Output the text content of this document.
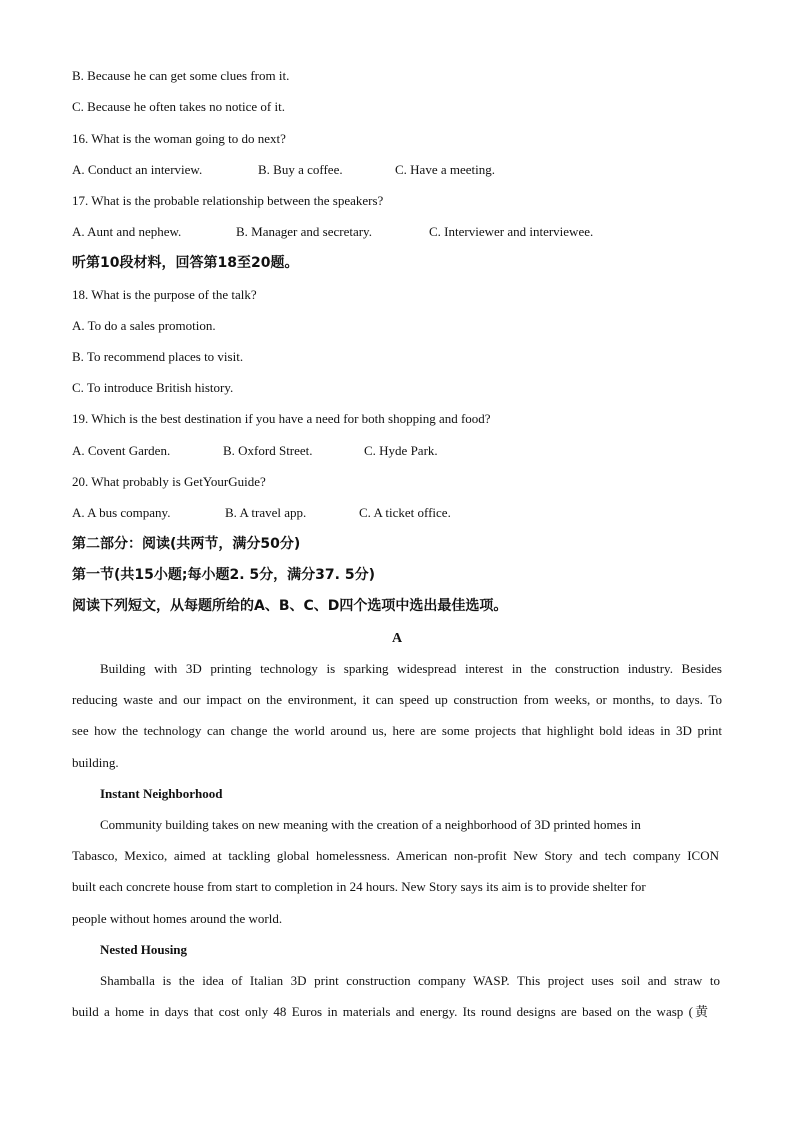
B. Because he can get some clues from it.
C. Because he often takes no notice of it.
16. What is the woman going to do next?
A. Conduct an interview.	B. Buy a coffee.	C. Have a meeting.
17. What is the probable relationship between the speakers?
A. Aunt and nephew.	B. Manager and secretary.	C. Interviewer and interviewee.
听第10段材料，回答第18至20题。
18. What is the purpose of the talk?
A. To do a sales promotion.
B. To recommend places to visit.
C. To introduce British history.
19. Which is the best destination if you have a need for both shopping and food?
A. Covent Garden.	B. Oxford Street.	C. Hyde Park.
20. What probably is GetYourGuide?
A. A bus company.	B. A travel app.	C. A ticket office.
第二部分：阅读(共两节，满分50分)
第一节(共15小题;每小题2. 5分，满分37. 5分)
阅读下列短文，从每题所给的A、B、C、D四个选项中选出最佳选项。
A
Building with 3D printing technology is sparking widespread interest in the construction industry. Besides
reducing waste and our impact on the environment, it can speed up construction from weeks, or months, to days. To
see how the technology can change the world around us, here are some projects that highlight bold ideas in 3D print
building.
Instant Neighborhood
Community building takes on new meaning with the creation of a neighborhood of 3D printed homes in
Tabasco, Mexico, aimed at tackling global homelessness. American non-profit New Story and tech company ICON
built each concrete house from start to completion in 24 hours. New Story says its aim is to provide shelter for
people without homes around the world.
Nested Housing
Shamballa is the idea of Italian 3D print construction company WASP. This project uses soil and straw to
build a home in days that cost only 48 Euros in materials and energy. Its round designs are based on the wasp (黄
